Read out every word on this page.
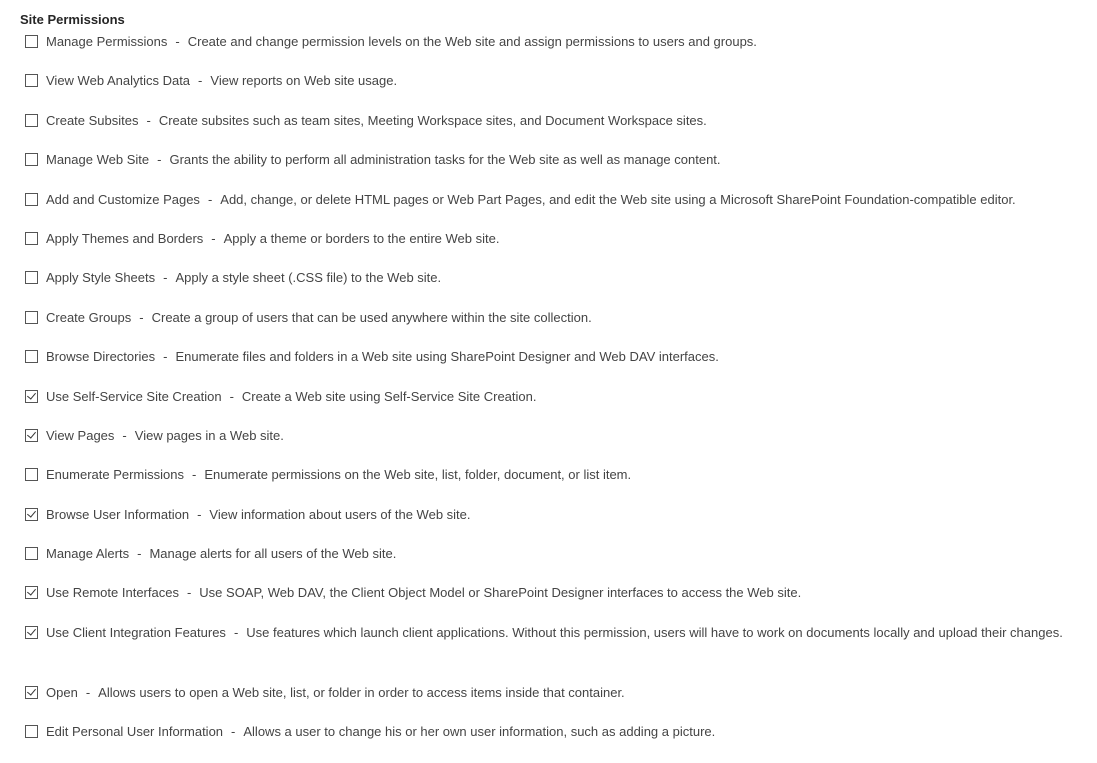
Site Permissions
Manage Permissions - Create and change permission levels on the Web site and assign permissions to users and groups.
View Web Analytics Data - View reports on Web site usage.
Create Subsites - Create subsites such as team sites, Meeting Workspace sites, and Document Workspace sites.
Manage Web Site - Grants the ability to perform all administration tasks for the Web site as well as manage content.
Add and Customize Pages - Add, change, or delete HTML pages or Web Part Pages, and edit the Web site using a Microsoft SharePoint Foundation-compatible editor.
Apply Themes and Borders - Apply a theme or borders to the entire Web site.
Apply Style Sheets - Apply a style sheet (.CSS file) to the Web site.
Create Groups - Create a group of users that can be used anywhere within the site collection.
Browse Directories - Enumerate files and folders in a Web site using SharePoint Designer and Web DAV interfaces.
Use Self-Service Site Creation - Create a Web site using Self-Service Site Creation.
View Pages - View pages in a Web site.
Enumerate Permissions - Enumerate permissions on the Web site, list, folder, document, or list item.
Browse User Information - View information about users of the Web site.
Manage Alerts - Manage alerts for all users of the Web site.
Use Remote Interfaces - Use SOAP, Web DAV, the Client Object Model or SharePoint Designer interfaces to access the Web site.
Use Client Integration Features - Use features which launch client applications. Without this permission, users will have to work on documents locally and upload their changes.
Open - Allows users to open a Web site, list, or folder in order to access items inside that container.
Edit Personal User Information - Allows a user to change his or her own user information, such as adding a picture.
